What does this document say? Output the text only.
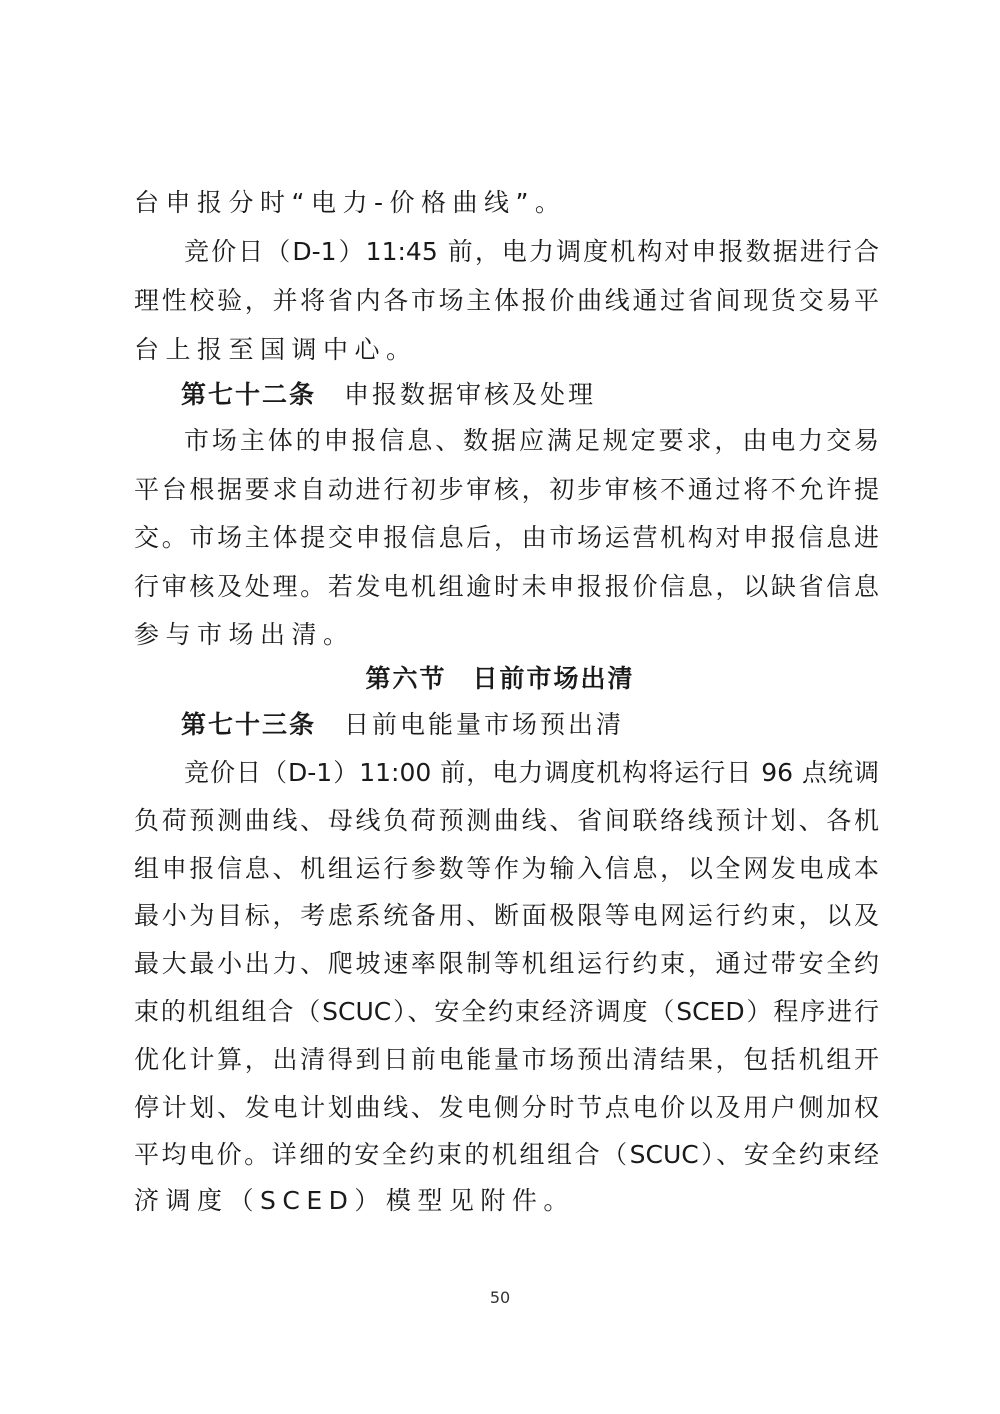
台申报分时“电力-价格曲线”。
竞价日（D-1）11:45 前，电力调度机构对申报数据进行合
理性校验，并将省内各市场主体报价曲线通过省间现货交易平
台上报至国调中心。
第七十二条 申报数据审核及处理
市场主体的申报信息、数据应满足规定要求，由电力交易
平台根据要求自动进行初步审核，初步审核不通过将不允许提
交。市场主体提交申报信息后，由市场运营机构对申报信息进
行审核及处理。若发电机组逾时未申报报价信息，以缺省信息
参与市场出清。
第六节 日前市场出清
第七十三条 日前电能量市场预出清
竞价日（D-1）11:00 前，电力调度机构将运行日 96 点统调
负荷预测曲线、母线负荷预测曲线、省间联络线预计划、各机
组申报信息、机组运行参数等作为输入信息，以全网发电成本
最小为目标，考虑系统备用、断面极限等电网运行约束，以及
最大最小出力、爬坡速率限制等机组运行约束，通过带安全约
束的机组组合（SCUC）、安全约束经济调度（SCED）程序进行
优化计算，出清得到日前电能量市场预出清结果，包括机组开
停计划、发电计划曲线、发电侧分时节点电价以及用户侧加权
平均电价。详细的安全约束的机组组合（SCUC）、安全约束经
济调度（SCED）模型见附件。
50
